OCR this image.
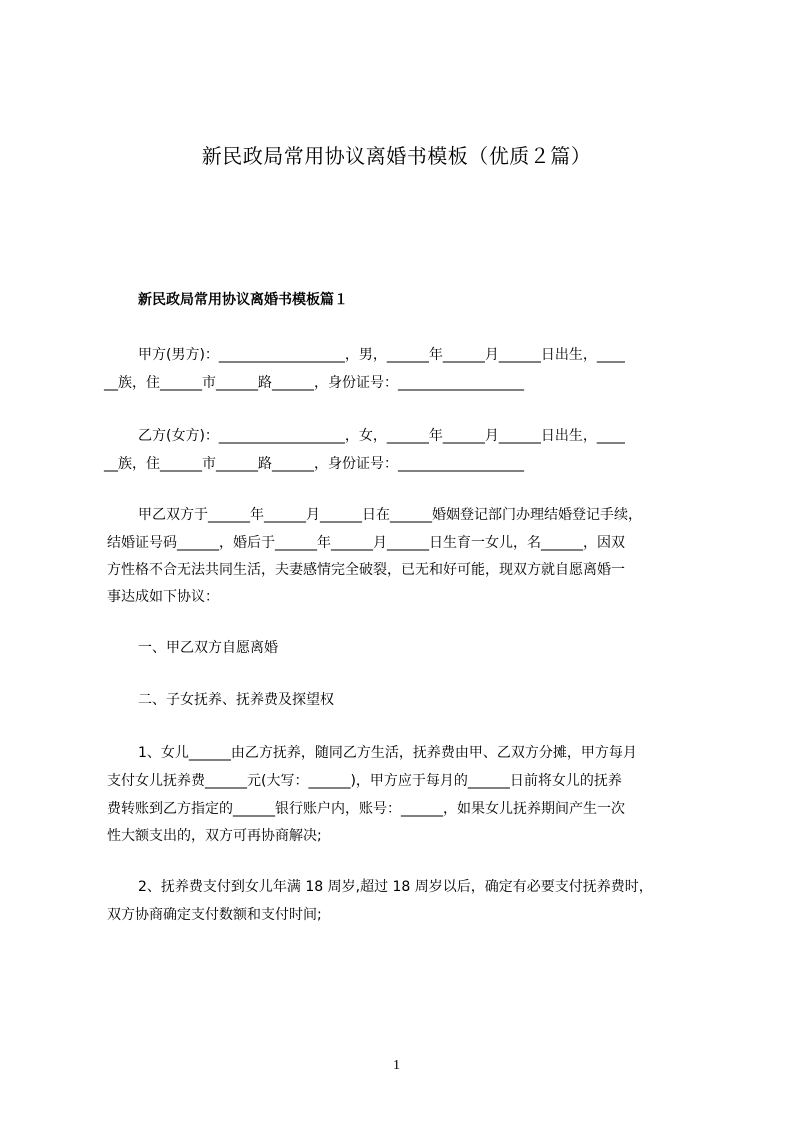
新民政局常用协议离婚书模板（优质２篇）
新民政局常用协议离婚书模板篇１
甲方(男方)：__________________，男，______年______月______日出生，____
__族，住______市______路______，身份证号：__________________
乙方(女方)：__________________，女，______年______月______日出生，____
__族，住______市______路______，身份证号：__________________
甲乙双方于______年______月______日在______婚姻登记部门办理结婚登记手续，
结婚证号码______，婚后于______年______月______日生育一女儿，名______，因双
方性格不合无法共同生活，夫妻感情完全破裂，已无和好可能，现双方就自愿离婚一
事达成如下协议：
一、甲乙双方自愿离婚
二、子女抚养、抚养费及探望权
1、女儿______由乙方抚养，随同乙方生活，抚养费由甲、乙双方分摊，甲方每月
支付女儿抚养费______元(大写：______)，甲方应于每月的______日前将女儿的抚养
费转账到乙方指定的______银行账户内，账号：______，如果女儿抚养期间产生一次
性大额支出的，双方可再协商解决;
2、抚养费支付到女儿年满 18 周岁,超过 18 周岁以后，确定有必要支付抚养费时，
双方协商确定支付数额和支付时间;
1
